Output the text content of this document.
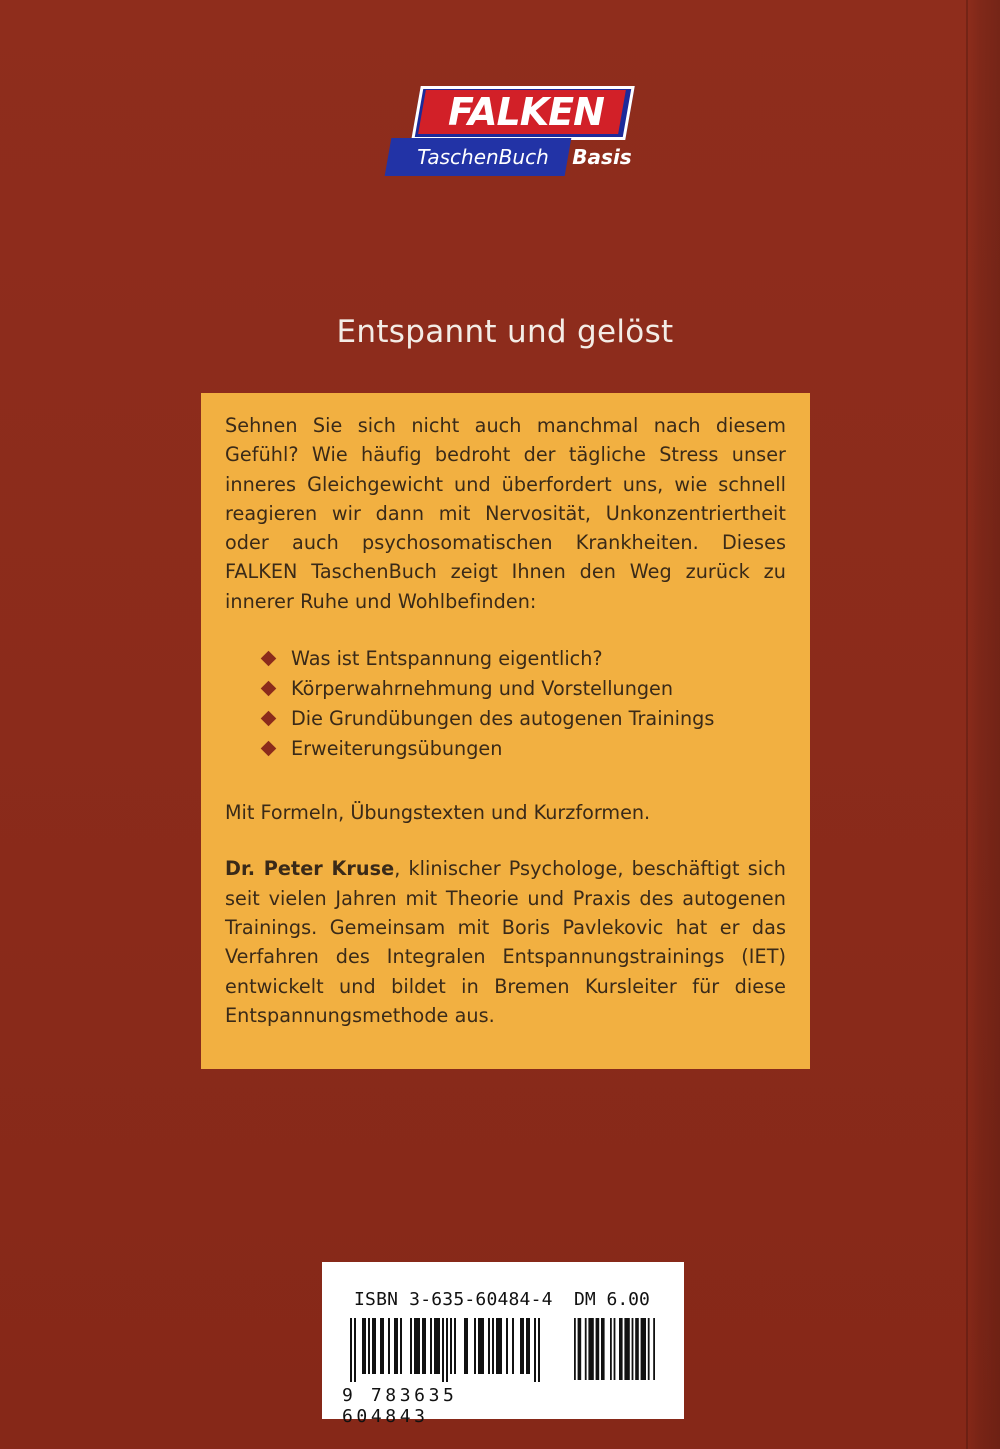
FALKEN
TaschenBuch	Basis
Entspannt und gelöst

Sehnen Sie sich nicht auch manchmal nach diesem Gefühl? Wie häufig bedroht der tägliche Stress unser inneres Gleichgewicht und überfordert uns, wie schnell reagieren wir dann mit Nervosität, Unkonzentriertheit oder auch psychosomatischen Krankheiten. Dieses FALKEN TaschenBuch zeigt Ihnen den Weg zurück zu innerer Ruhe und Wohlbefinden:

Was ist Entspannung eigentlich?
Körperwahrnehmung und Vorstellungen
Die Grundübungen des autogenen Trainings
Erweiterungsübungen

Mit Formeln, Übungstexten und Kurzformen.

Dr. Peter Kruse, klinischer Psychologe, beschäftigt sich seit vielen Jahren mit Theorie und Praxis des autogenen Trainings. Gemeinsam mit Boris Pavlekovic hat er das Verfahren des Integralen Entspannungstrainings (IET) entwickelt und bildet in Bremen Kursleiter für diese Entspannungsmethode aus.

ISBN 3-635-60484-4 DM 6.00
9 783635 604843
